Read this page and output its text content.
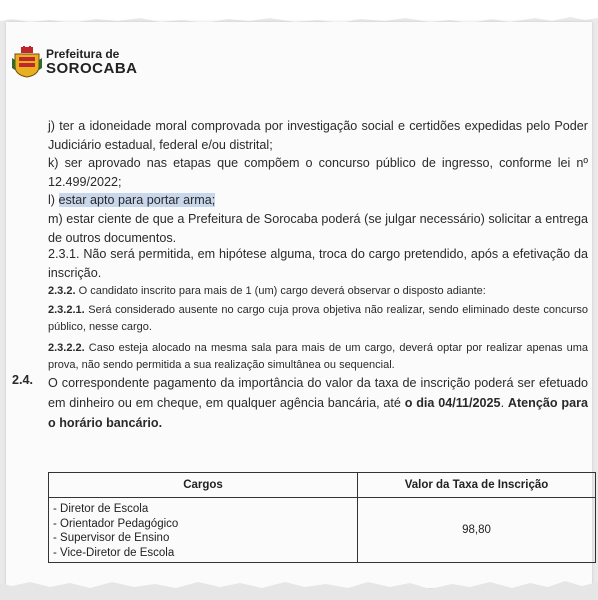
Prefeitura de
SOROCABA
j) ter a idoneidade moral comprovada por investigação social e certidões expedidas pelo Poder Judiciário estadual, federal e/ou distrital;
k) ser aprovado nas etapas que compõem o concurso público de ingresso, conforme lei nº 12.499/2022;
l) estar apto para portar arma;
m) estar ciente de que a Prefeitura de Sorocaba poderá (se julgar necessário) solicitar a entrega de outros documentos.
2.3.1. Não será permitida, em hipótese alguma, troca do cargo pretendido, após a efetivação da inscrição.
2.3.2. O candidato inscrito para mais de 1 (um) cargo deverá observar o disposto adiante:
2.3.2.1. Será considerado ausente no cargo cuja prova objetiva não realizar, sendo eliminado deste concurso público, nesse cargo.
2.3.2.2. Caso esteja alocado na mesma sala para mais de um cargo, deverá optar por realizar apenas uma prova, não sendo permitida a sua realização simultânea ou sequencial.
2.4. O correspondente pagamento da importância do valor da taxa de inscrição poderá ser efetuado em dinheiro ou em cheque, em qualquer agência bancária, até o dia 04/11/2025. Atenção para o horário bancário.
Cargos	Valor da Taxa de Inscrição

- Diretor de Escola
- Orientador Pedagógico
- Supervisor de Ensino
- Vice-Diretor de Escola	98,80
